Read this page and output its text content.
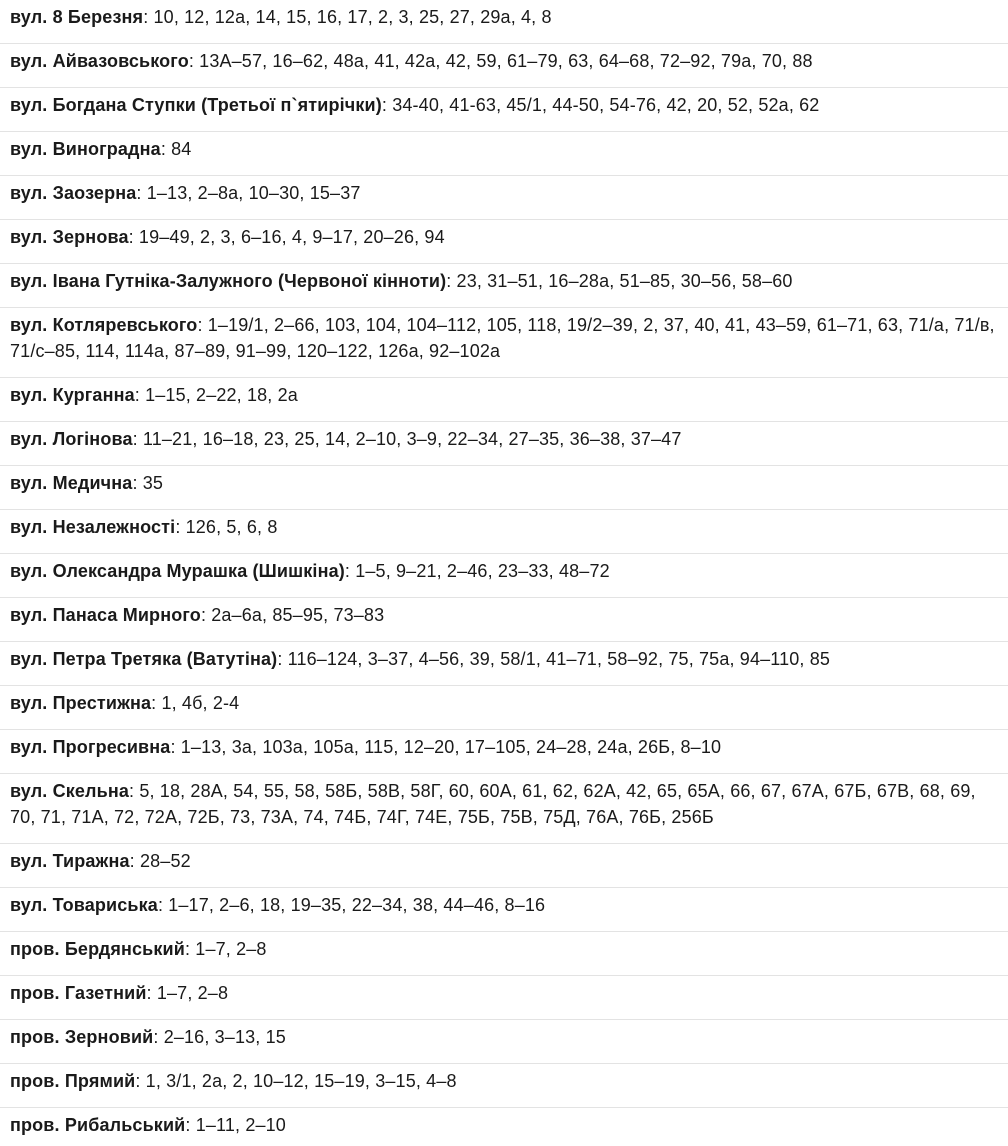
вул. 8 Березня: 10, 12, 12а, 14, 15, 16, 17, 2, 3, 25, 27, 29а, 4, 8
вул. Айвазовського: 13А–57, 16–62, 48а, 41, 42а, 42, 59, 61–79, 63, 64–68, 72–92, 79а, 70, 88
вул. Богдана Ступки (Третьої п`ятирічки): 34-40, 41-63, 45/1, 44-50, 54-76, 42, 20, 52, 52а, 62
вул. Виноградна: 84
вул. Заозерна: 1–13, 2–8а, 10–30, 15–37
вул. Зернова: 19–49, 2, 3, 6–16, 4, 9–17, 20–26, 94
вул. Івана Гутніка-Залужного (Червоної кінноти): 23, 31–51, 16–28а, 51–85, 30–56, 58–60
вул. Котляревського: 1–19/1, 2–66, 103, 104, 104–112, 105, 118, 19/2–39, 2, 37, 40, 41, 43–59, 61–71, 63, 71/а, 71/в, 71/с–85, 114, 114а, 87–89, 91–99, 120–122, 126а, 92–102а
вул. Курганна: 1–15, 2–22, 18, 2а
вул. Логінова: 11–21, 16–18, 23, 25, 14, 2–10, 3–9, 22–34, 27–35, 36–38, 37–47
вул. Медична: 35
вул. Незалежності: 126, 5, 6, 8
вул. Олександра Мурашка (Шишкіна): 1–5, 9–21, 2–46, 23–33, 48–72
вул. Панаса Мирного: 2а–6а, 85–95, 73–83
вул. Петра Третяка (Ватутіна): 116–124, 3–37, 4–56, 39, 58/1, 41–71, 58–92, 75, 75а, 94–110, 85
вул. Престижна: 1, 4б, 2-4
вул. Прогресивна: 1–13, 3а, 103а, 105а, 115, 12–20, 17–105, 24–28, 24а, 26Б, 8–10
вул. Скельна: 5, 18, 28А, 54, 55, 58, 58Б, 58В, 58Г, 60, 60А, 61, 62, 62А, 42, 65, 65А, 66, 67, 67А, 67Б, 67В, 68, 69, 70, 71, 71А, 72, 72А, 72Б, 73, 73А, 74, 74Б, 74Г, 74Е, 75Б, 75В, 75Д, 76А, 76Б, 256Б
вул. Тиражна: 28–52
вул. Товариська: 1–17, 2–6, 18, 19–35, 22–34, 38, 44–46, 8–16
пров. Бердянський: 1–7, 2–8
пров. Газетний: 1–7, 2–8
пров. Зерновий: 2–16, 3–13, 15
пров. Прямий: 1, 3/1, 2а, 2, 10–12, 15–19, 3–15, 4–8
пров. Рибальський: 1–11, 2–10
